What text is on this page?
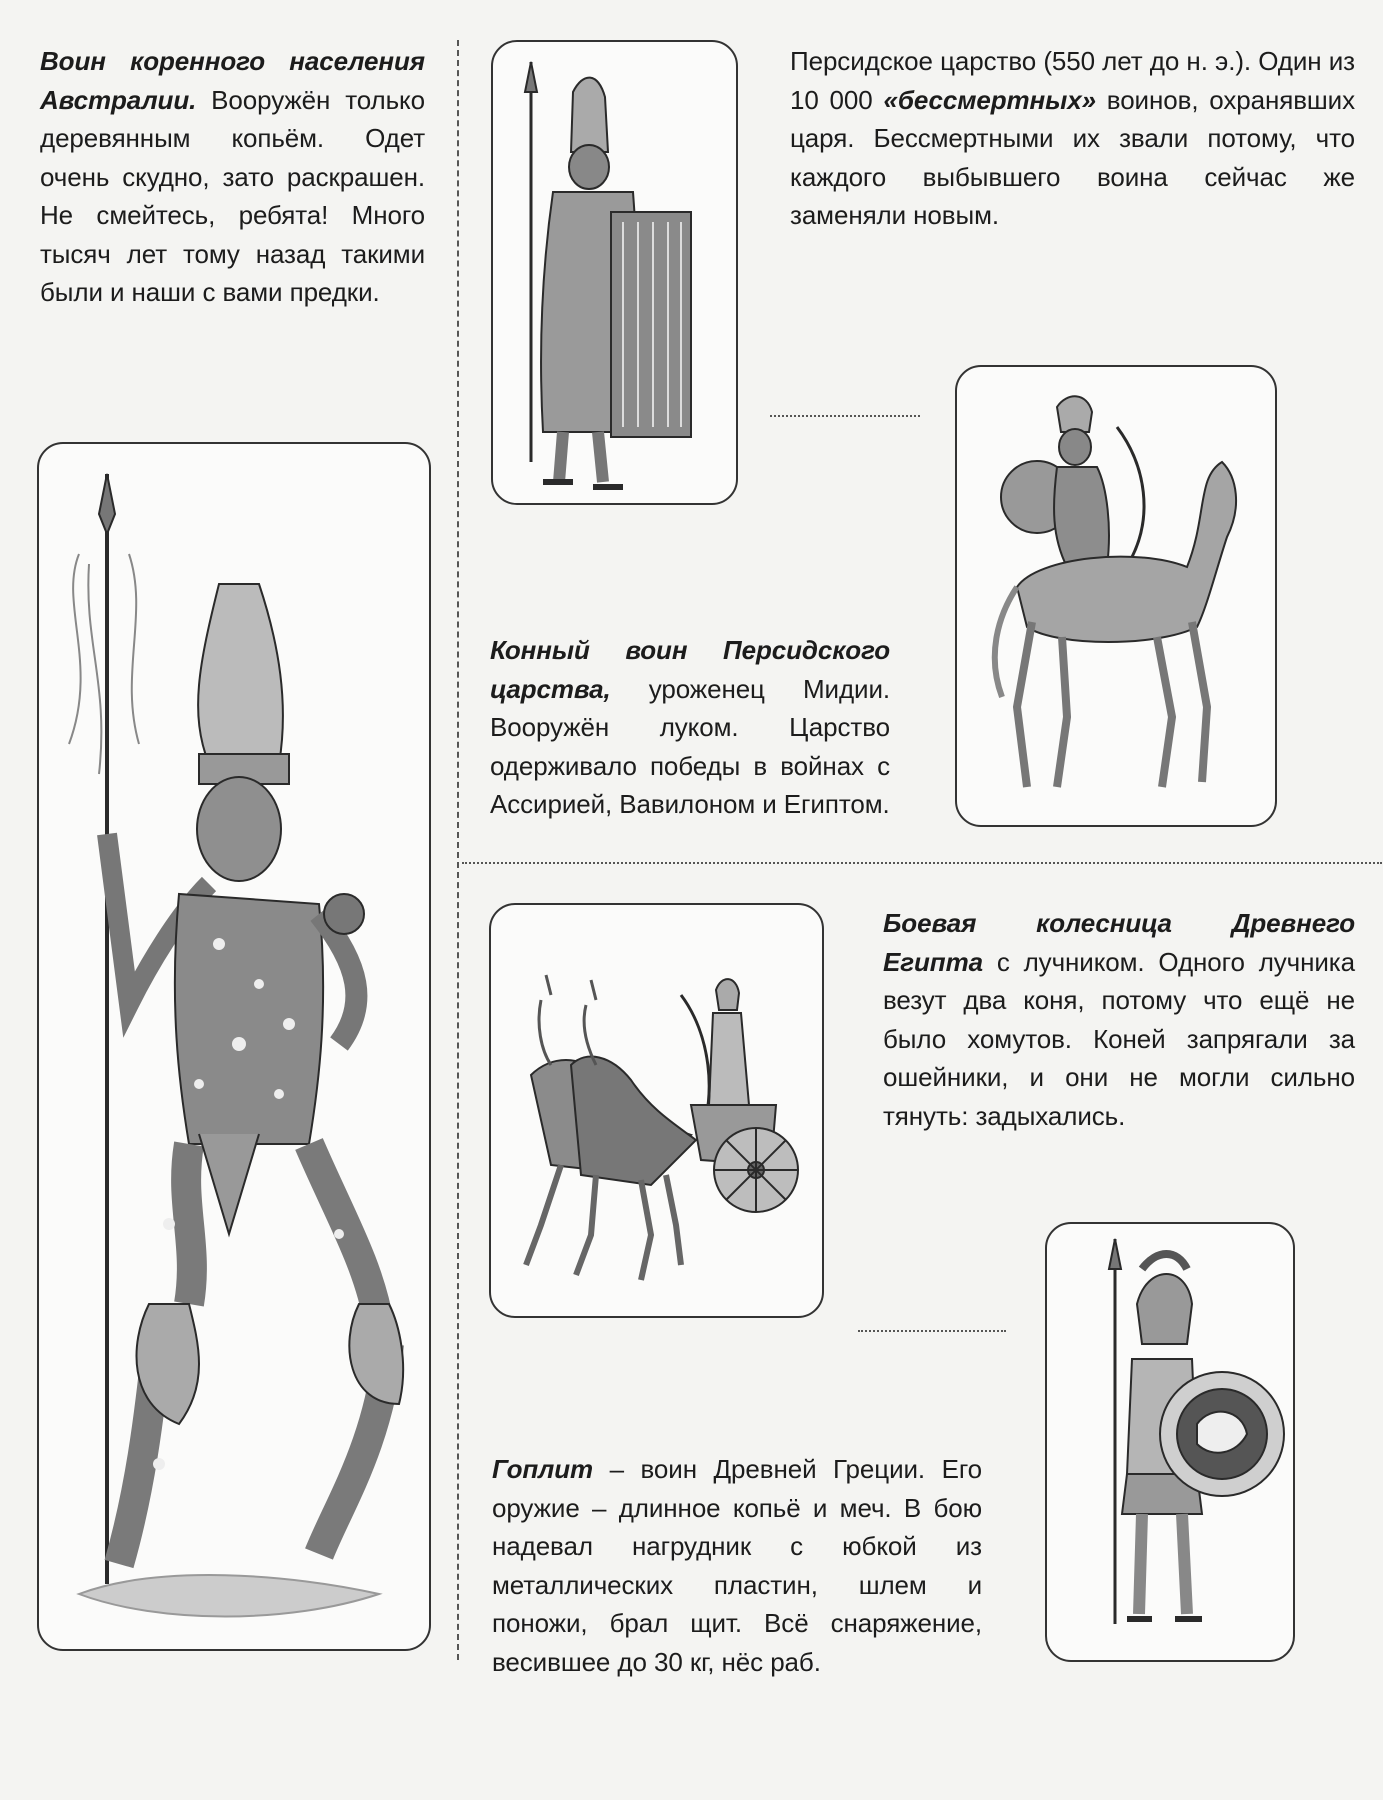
Воин коренного населения Австралии. Вооружён только деревянным копьём. Одет очень скудно, зато раскрашен. Не смейтесь, ребята! Много тысяч лет тому назад такими были и наши с вами предки.
Персидское царство (550 лет до н. э.). Один из 10 000 «бессмертных» воинов, охранявших царя. Бессмертными их звали потому, что каждого выбывшего воина сейчас же заменяли новым.
Конный воин Персидского царства, уроженец Мидии. Вооружён луком. Царство одерживало победы в войнах с Ассирией, Вавилоном и Египтом.
Боевая колесница Древнего Египта с лучником. Одного лучника везут два коня, потому что ещё не было хомутов. Коней запрягали за ошейники, и они не могли сильно тянуть: задыхались.
Гоплит – воин Древней Греции. Его оружие – длинное копьё и меч. В бою надевал нагрудник с юбкой из металлических пластин, шлем и поножи, брал щит. Всё снаряжение, весившее до 30 кг, нёс раб.
